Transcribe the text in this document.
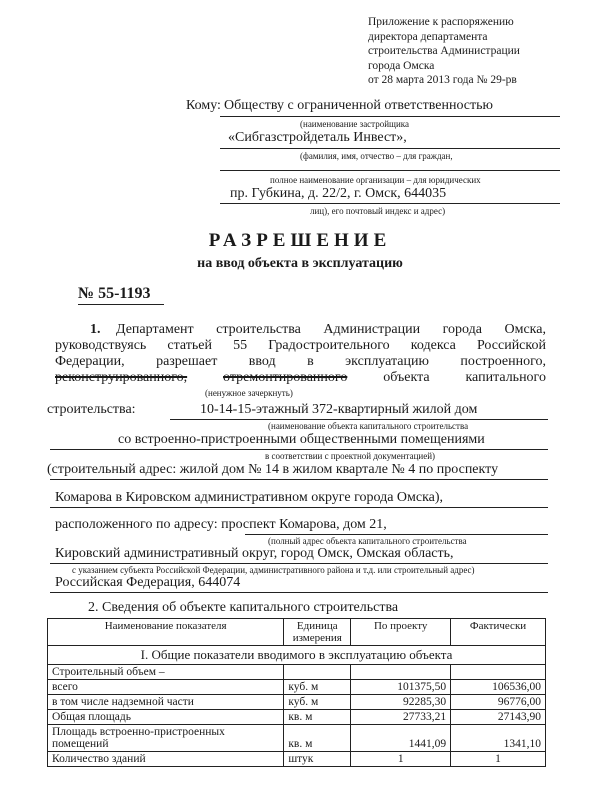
Приложение к распоряжению
директора департамента
строительства Администрации
города Омска
от 28 марта 2013 года № 29-рв
Кому: Обществу с ограниченной ответственностью
(наименование застройщика
«Сибгазстройдеталь Инвест»,
(фамилия, имя, отчество – для граждан,
полное наименование организации – для юридических
пр. Губкина, д. 22/2, г. Омск, 644035
лиц), его почтовый индекс и адрес)
РАЗРЕШЕНИЕ
на ввод объекта в эксплуатацию
№ 55-1193
1. Департамент строительства Администрации города Омска,
руководствуясь статьей 55 Градостроительного кодекса Российской
Федерации, разрешает ввод в эксплуатацию построенного,
реконструированного,	отремонтированного	объекта	капитального
(ненужное зачеркнуть)
строительства:	10-14-15-этажный 372-квартирный жилой дом
(наименование объекта капитального строительства
со встроенно-пристроенными общественными помещениями
в соответствии с проектной документацией)
(строительный адрес: жилой дом № 14 в жилом квартале № 4 по проспекту
Комарова в Кировском административном округе города Омска),
расположенного по адресу: проспект Комарова, дом 21,
(полный адрес объекта капитального строительства
Кировский административный округ, город Омск, Омская область,
с указанием субъекта Российской Федерации, административного района и т.д. или строительный адрес)
Российская Федерация, 644074
2. Сведения об объекте капитального строительства
Наименование показателя	Единица измерения	По проекту	Фактически
I. Общие показатели вводимого в эксплуатацию объекта			
Строительный объем –			
всего	куб. м	101375,50	106536,00
в том числе надземной части	куб. м	92285,30	96776,00
Общая площадь	кв. м	27733,21	27143,90
Площадь встроенно-пристроенных помещений	кв. м	1441,09	1341,10
Количество зданий	штук	1	1
